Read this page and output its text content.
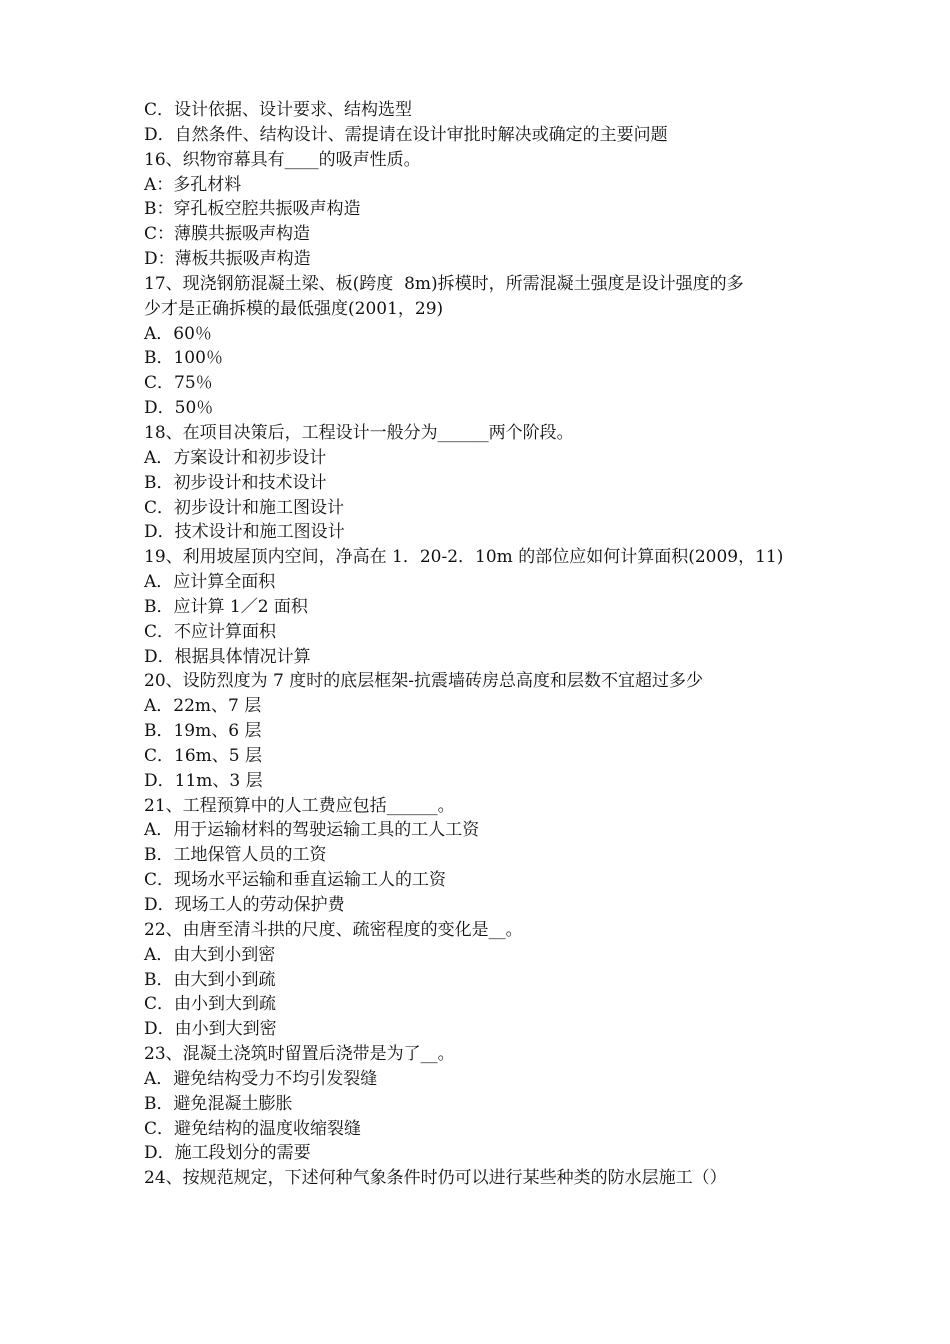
C．设计依据、设计要求、结构选型
D．自然条件、结构设计、需提请在设计审批时解决或确定的主要问题
16、织物帘幕具有____的吸声性质。
A：多孔材料
B：穿孔板空腔共振吸声构造
C：薄膜共振吸声构造
D：薄板共振吸声构造
17、现浇钢筋混凝土梁、板(跨度  8m)拆模时，所需混凝土强度是设计强度的多
少才是正确拆模的最低强度(2001，29)
A．60％
B．100％
C．75％
D．50％
18、在项目决策后，工程设计一般分为______两个阶段。
A．方案设计和初步设计
B．初步设计和技术设计
C．初步设计和施工图设计
D．技术设计和施工图设计
19、利用坡屋顶内空间，净高在 1．20-2．10m 的部位应如何计算面积(2009，11)
A．应计算全面积
B．应计算 1／2 面积
C．不应计算面积
D．根据具体情况计算
20、设防烈度为 7 度时的底层框架-抗震墙砖房总高度和层数不宜超过多少
A．22m、7 层
B．19m、6 层
C．16m、5 层
D．11m、3 层
21、工程预算中的人工费应包括______。
A．用于运输材料的驾驶运输工具的工人工资
B．工地保管人员的工资
C．现场水平运输和垂直运输工人的工资
D．现场工人的劳动保护费
22、由唐至清斗拱的尺度、疏密程度的变化是__。
A．由大到小到密
B．由大到小到疏
C．由小到大到疏
D．由小到大到密
23、混凝土浇筑时留置后浇带是为了__。
A．避免结构受力不均引发裂缝
B．避免混凝土膨胀
C．避免结构的温度收缩裂缝
D．施工段划分的需要
24、按规范规定，下述何种气象条件时仍可以进行某些种类的防水层施工（）
